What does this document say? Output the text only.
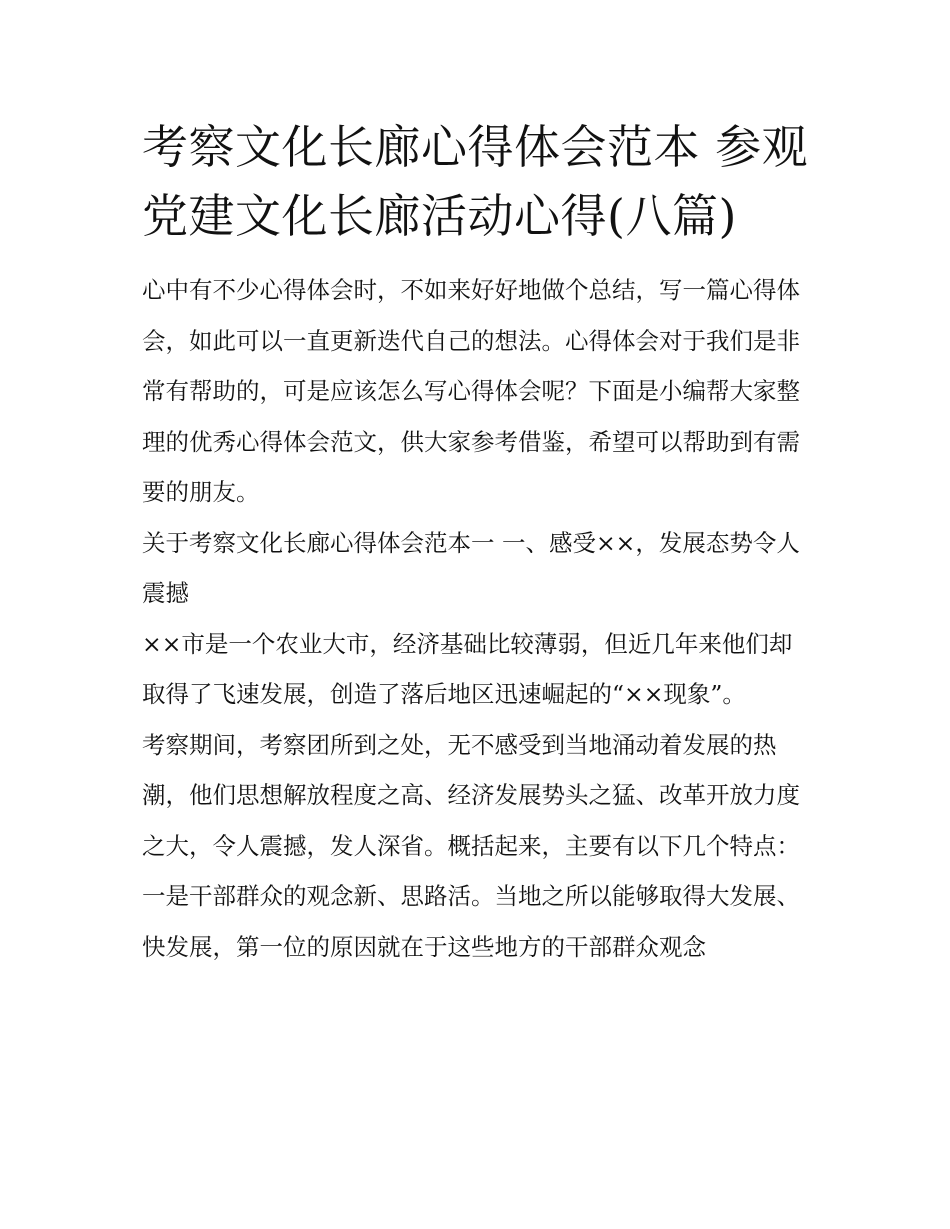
考察文化长廊心得体会范本 参观党建文化长廊活动心得(八篇)

心中有不少心得体会时，不如来好好地做个总结，写一篇心得体会，如此可以一直更新迭代自己的想法。心得体会对于我们是非常有帮助的，可是应该怎么写心得体会呢？下面是小编帮大家整理的优秀心得体会范文，供大家参考借鉴，希望可以帮助到有需要的朋友。

关于考察文化长廊心得体会范本一 一、感受××，发展态势令人震撼

××市是一个农业大市，经济基础比较薄弱，但近几年来他们却取得了飞速发展，创造了落后地区迅速崛起的“××现象”。

考察期间，考察团所到之处，无不感受到当地涌动着发展的热潮，他们思想解放程度之高、经济发展势头之猛、改革开放力度之大，令人震撼，发人深省。概括起来，主要有以下几个特点：

一是干部群众的观念新、思路活。当地之所以能够取得大发展、快发展，第一位的原因就在于这些地方的干部群众观念
